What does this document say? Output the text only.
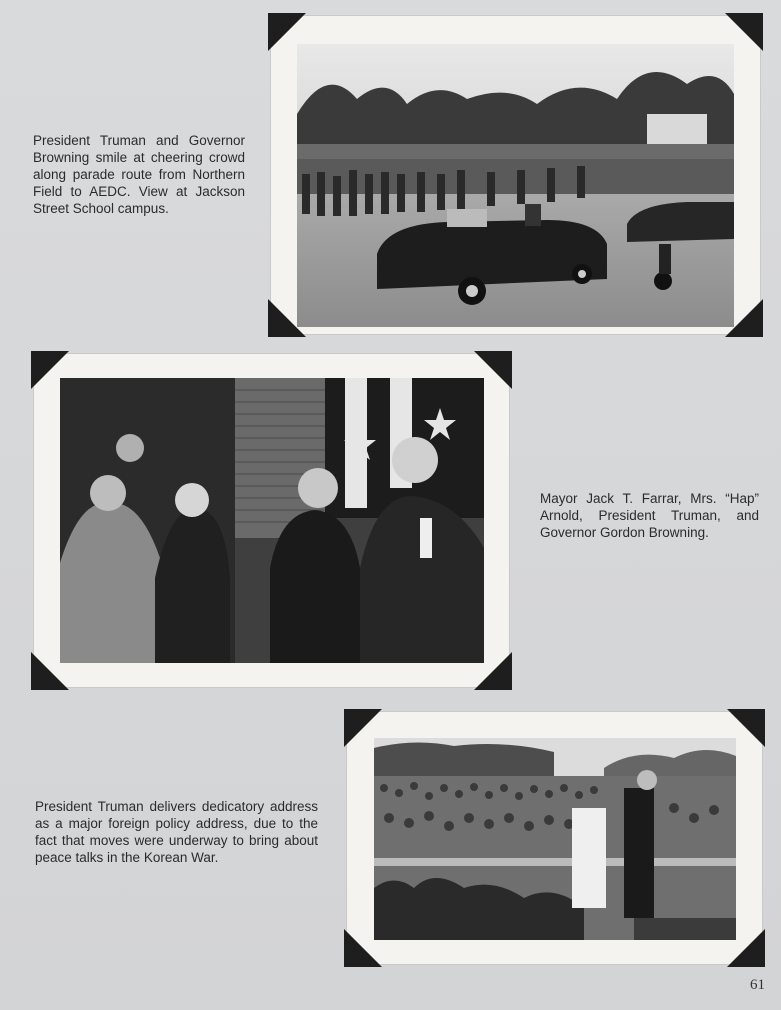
President Truman and Governor Browning smile at cheering crowd along parade route from Northern Field to AEDC. View at Jackson Street School campus.
Mayor Jack T. Farrar, Mrs. “Hap” Arnold, President Truman, and Governor Gordon Browning.
President Truman delivers dedicatory address as a major foreign policy address, due to the fact that moves were underway to bring about peace talks in the Korean War.
61
